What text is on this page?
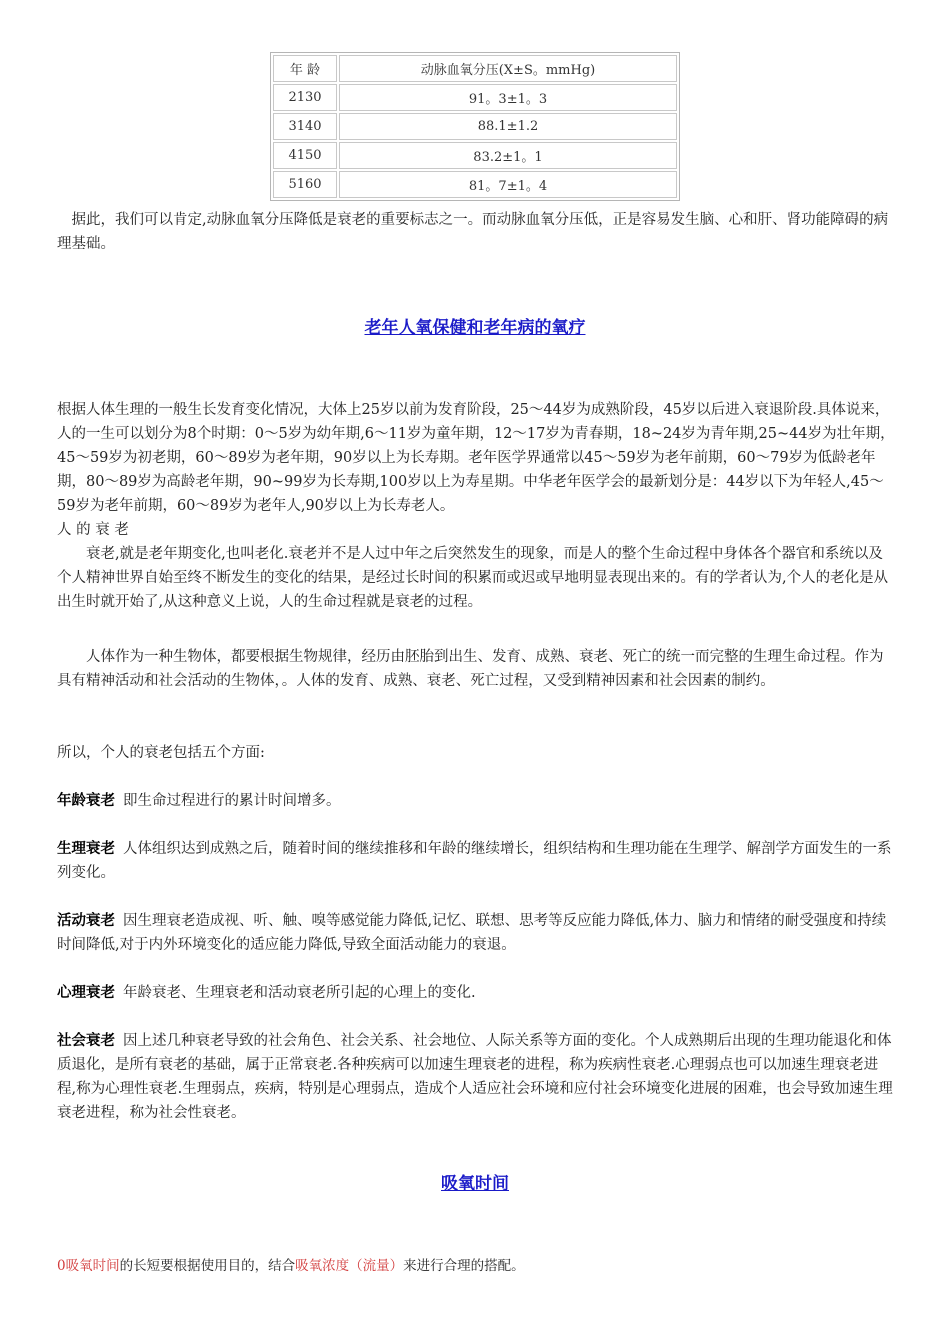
年 龄	动脉血氧分压(X±S。mmHg)
2130	91。3±1。3
3140	88.1±1.2
4150	83.2±1。1
5160	81。7±1。4

据此，我们可以肯定,动脉血氧分压降低是衰老的重要标志之一。而动脉血氧分压低，正是容易发生脑、心和肝、肾功能障碍的病理基础。

老年人氧保健和老年病的氧疗

根据人体生理的一般生长发育变化情况，大体上25岁以前为发育阶段，25～44岁为成熟阶段，45岁以后进入衰退阶段.具体说来，人的一生可以划分为8个时期：0～5岁为幼年期,6～11岁为童年期，12～17岁为青春期，18~24岁为青年期,25~44岁为壮年期，45～59岁为初老期，60～89岁为老年期，90岁以上为长寿期。老年医学界通常以45～59岁为老年前期，60～79岁为低龄老年期，80～89岁为高龄老年期，90~99岁为长寿期,100岁以上为寿星期。中华老年医学会的最新划分是：44岁以下为年轻人,45～59岁为老年前期，60～89岁为老年人,90岁以上为长寿老人。

人 的 衰 老

衰老,就是老年期变化,也叫老化.衰老并不是人过中年之后突然发生的现象，而是人的整个生命过程中身体各个器官和系统以及个人精神世界自始至终不断发生的变化的结果，是经过长时间的积累而或迟或早地明显表现出来的。有的学者认为,个人的老化是从出生时就开始了,从这种意义上说，人的生命过程就是衰老的过程。

人体作为一种生物体，都要根据生物规律，经历由胚胎到出生、发育、成熟、衰老、死亡的统一而完整的生理生命过程。作为具有精神活动和社会活动的生物体，。人体的发育、成熟、衰老、死亡过程，又受到精神因素和社会因素的制约。

所以，个人的衰老包括五个方面:

年龄衰老 即生命过程进行的累计时间增多。

生理衰老 人体组织达到成熟之后，随着时间的继续推移和年龄的继续增长，组织结构和生理功能在生理学、解剖学方面发生的一系列变化。

活动衰老 因生理衰老造成视、听、触、嗅等感觉能力降低,记忆、联想、思考等反应能力降低,体力、脑力和情绪的耐受强度和持续时间降低,对于内外环境变化的适应能力降低,导致全面活动能力的衰退。

心理衰老 年龄衰老、生理衰老和活动衰老所引起的心理上的变化.

社会衰老 因上述几种衰老导致的社会角色、社会关系、社会地位、人际关系等方面的变化。个人成熟期后出现的生理功能退化和体质退化，是所有衰老的基础，属于正常衰老.各种疾病可以加速生理衰老的进程，称为疾病性衰老.心理弱点也可以加速生理衰老进程,称为心理性衰老.生理弱点，疾病，特别是心理弱点，造成个人适应社会环境和应付社会环境变化进展的困难，也会导致加速生理衰老进程，称为社会性衰老。

吸氧时间

0吸氧时间的长短要根据使用目的，结合吸氧浓度（流量）来进行合理的搭配。
